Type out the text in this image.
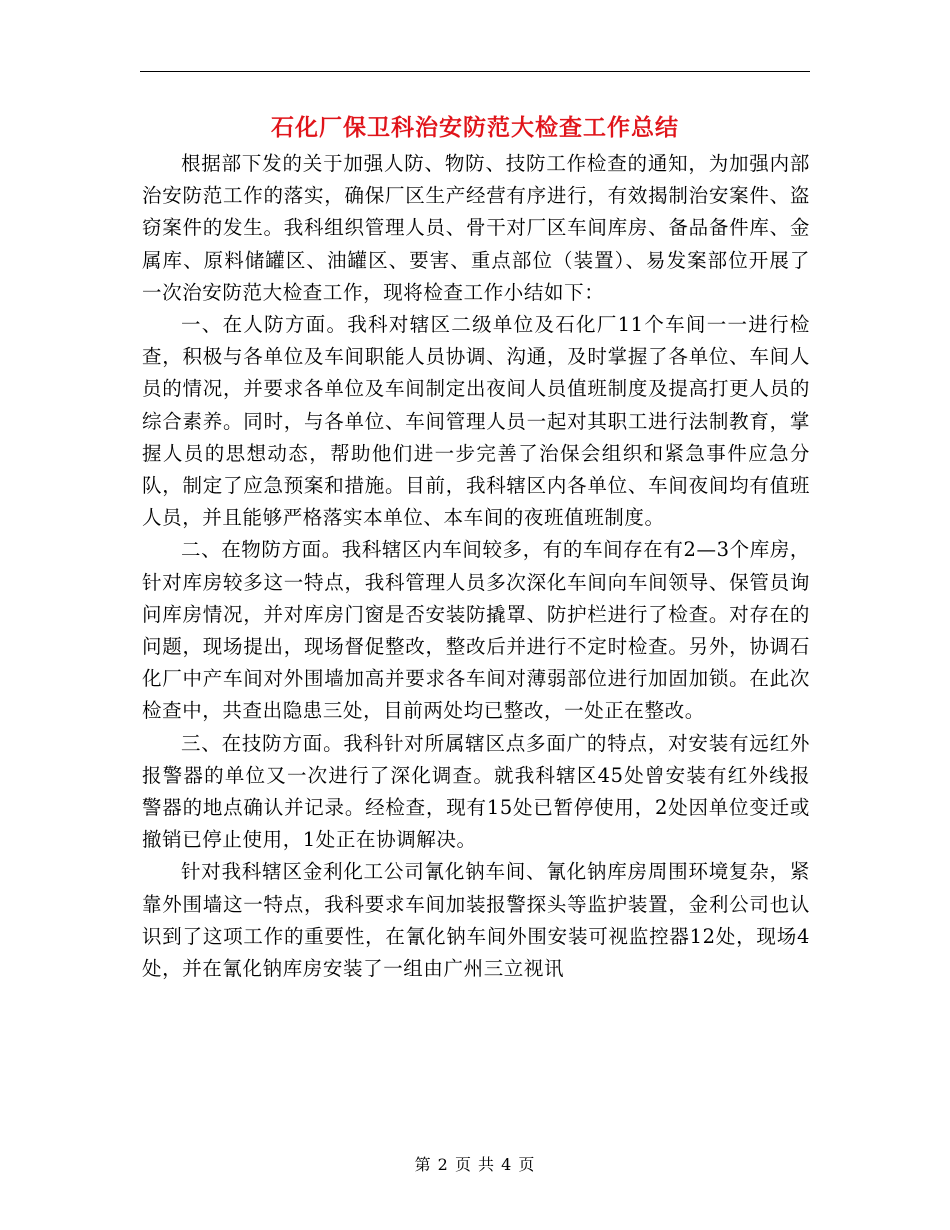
石化厂保卫科治安防范大检查工作总结

根据部下发的关于加强人防、物防、技防工作检查的通知，为加强内部治安防范工作的落实，确保厂区生产经营有序进行，有效揭制治安案件、盗窃案件的发生。我科组织管理人员、骨干对厂区车间库房、备品备件库、金属库、原料储罐区、油罐区、要害、重点部位（装置）、易发案部位开展了一次治安防范大检查工作，现将检查工作小结如下：

一、在人防方面。我科对辖区二级单位及石化厂11个车间一一进行检查，积极与各单位及车间职能人员协调、沟通，及时掌握了各单位、车间人员的情况，并要求各单位及车间制定出夜间人员值班制度及提高打更人员的综合素养。同时，与各单位、车间管理人员一起对其职工进行法制教育，掌握人员的思想动态，帮助他们进一步完善了治保会组织和紧急事件应急分队，制定了应急预案和措施。目前，我科辖区内各单位、车间夜间均有值班人员，并且能够严格落实本单位、本车间的夜班值班制度。

二、在物防方面。我科辖区内车间较多，有的车间存在有2—3个库房，针对库房较多这一特点，我科管理人员多次深化车间向车间领导、保管员询问库房情况，并对库房门窗是否安装防撬罩、防护栏进行了检查。对存在的问题，现场提出，现场督促整改，整改后并进行不定时检查。另外，协调石化厂中产车间对外围墙加高并要求各车间对薄弱部位进行加固加锁。在此次检查中，共查出隐患三处，目前两处均已整改，一处正在整改。

三、在技防方面。我科针对所属辖区点多面广的特点，对安装有远红外报警器的单位又一次进行了深化调查。就我科辖区45处曾安装有红外线报警器的地点确认并记录。经检查，现有15处已暂停使用，2处因单位变迁或撤销已停止使用，1处正在协调解决。

针对我科辖区金利化工公司氰化钠车间、氰化钠库房周围环境复杂，紧靠外围墙这一特点，我科要求车间加装报警探头等监护装置，金利公司也认识到了这项工作的重要性，在氰化钠车间外围安装可视监控器12处，现场4处，并在氰化钠库房安装了一组由广州三立视讯

第 2 页 共 4 页
